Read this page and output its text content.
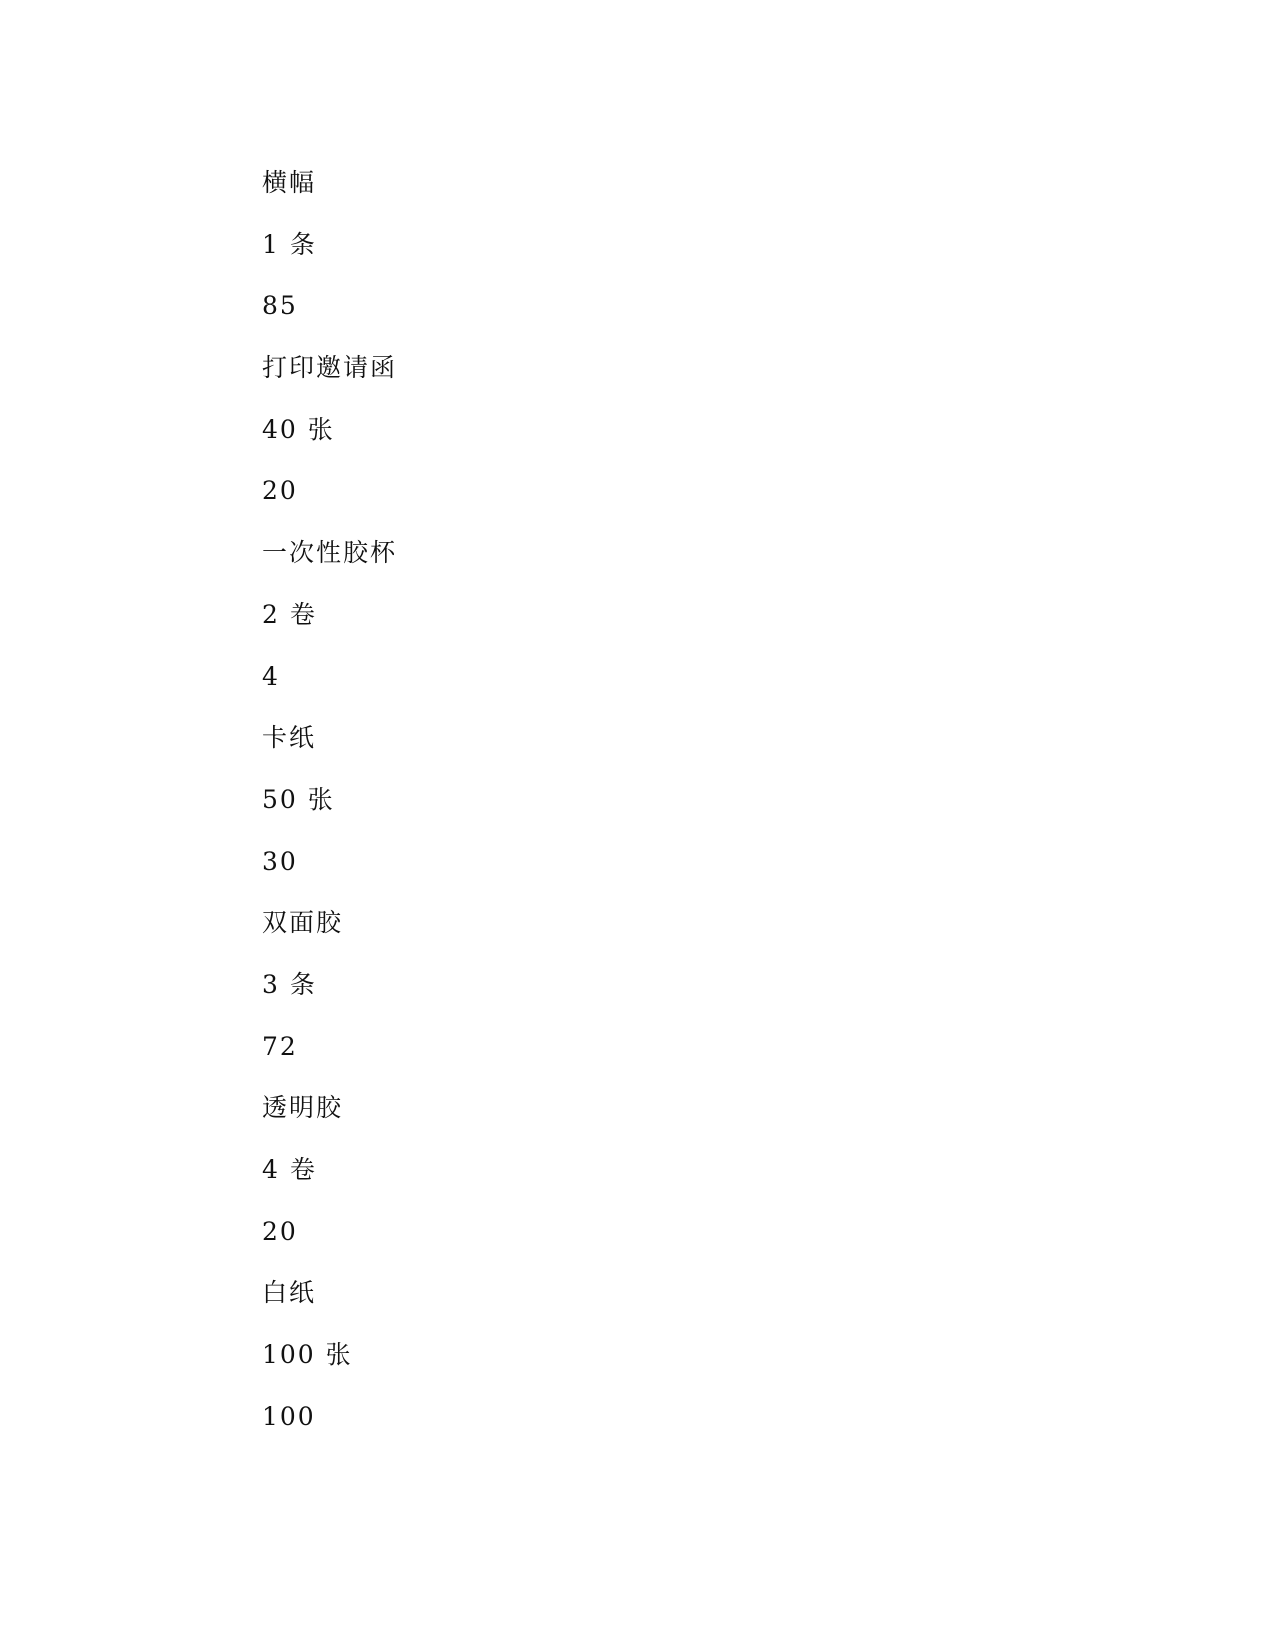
横幅
1 条
85
打印邀请函
40 张
20
一次性胶杯
2 卷
4
卡纸
50 张
30
双面胶
3 条
72
透明胶
4 卷
20
白纸
100 张
100
